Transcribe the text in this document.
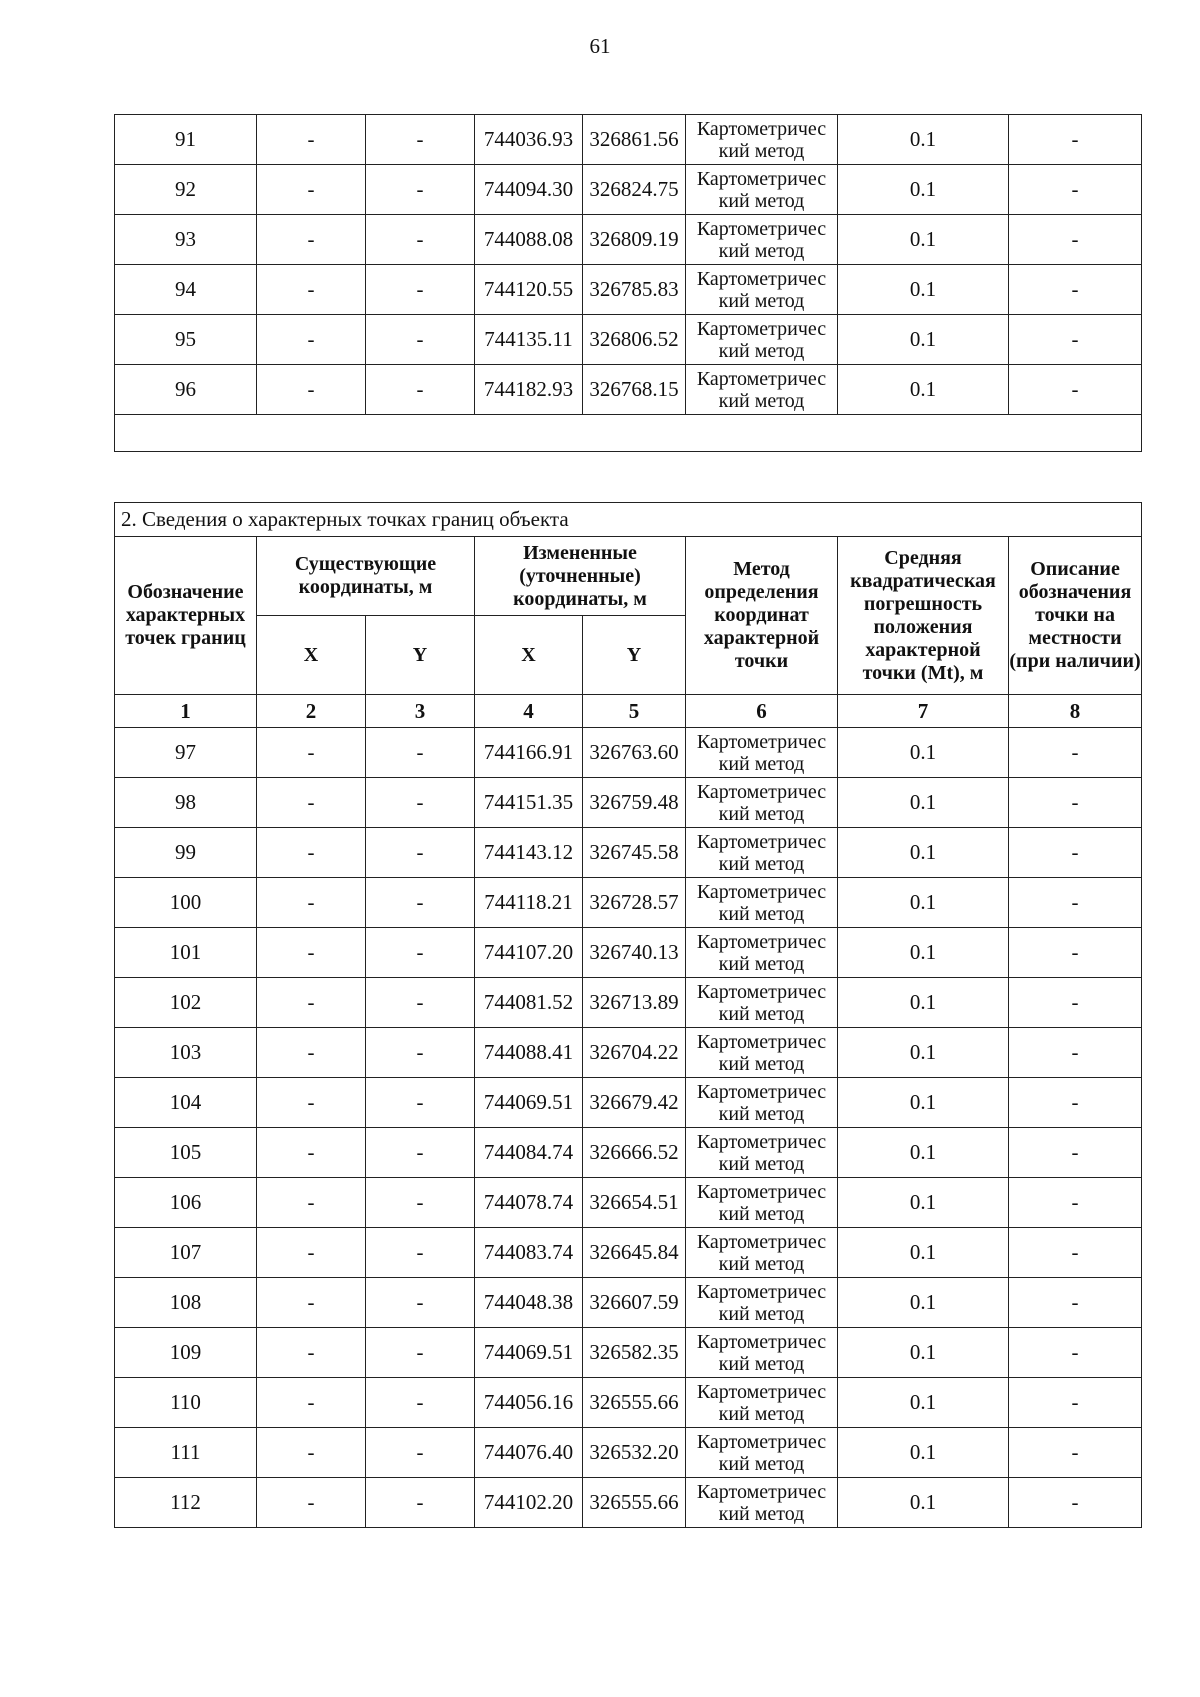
61
91	-	-	744036.93	326861.56	Картометричес кий метод	0.1	-
92	-	-	744094.30	326824.75	Картометричес кий метод	0.1	-
93	-	-	744088.08	326809.19	Картометричес кий метод	0.1	-
94	-	-	744120.55	326785.83	Картометричес кий метод	0.1	-
95	-	-	744135.11	326806.52	Картометричес кий метод	0.1	-
96	-	-	744182.93	326768.15	Картометричес кий метод	0.1	-

2. Сведения о характерных точках границ объекта							
Обозначение характерных точек границ	Существующие координаты, м		Измененные (уточненные) координаты, м		Метод определения координат характерной точки	Средняя квадратическая погрешность положения характерной точки (Mt), м	Описание обозначения точки на местности (при наличии)
	X	Y	X	Y			
1	2	3	4	5	6	7	8
97	-	-	744166.91	326763.60	Картометричес кий метод	0.1	-
98	-	-	744151.35	326759.48	Картометричес кий метод	0.1	-
99	-	-	744143.12	326745.58	Картометричес кий метод	0.1	-
100	-	-	744118.21	326728.57	Картометричес кий метод	0.1	-
101	-	-	744107.20	326740.13	Картометричес кий метод	0.1	-
102	-	-	744081.52	326713.89	Картометричес кий метод	0.1	-
103	-	-	744088.41	326704.22	Картометричес кий метод	0.1	-
104	-	-	744069.51	326679.42	Картометричес кий метод	0.1	-
105	-	-	744084.74	326666.52	Картометричес кий метод	0.1	-
106	-	-	744078.74	326654.51	Картометричес кий метод	0.1	-
107	-	-	744083.74	326645.84	Картометричес кий метод	0.1	-
108	-	-	744048.38	326607.59	Картометричес кий метод	0.1	-
109	-	-	744069.51	326582.35	Картометричес кий метод	0.1	-
110	-	-	744056.16	326555.66	Картометричес кий метод	0.1	-
111	-	-	744076.40	326532.20	Картометричес кий метод	0.1	-
112	-	-	744102.20	326555.66	Картометричес кий метод	0.1	-
